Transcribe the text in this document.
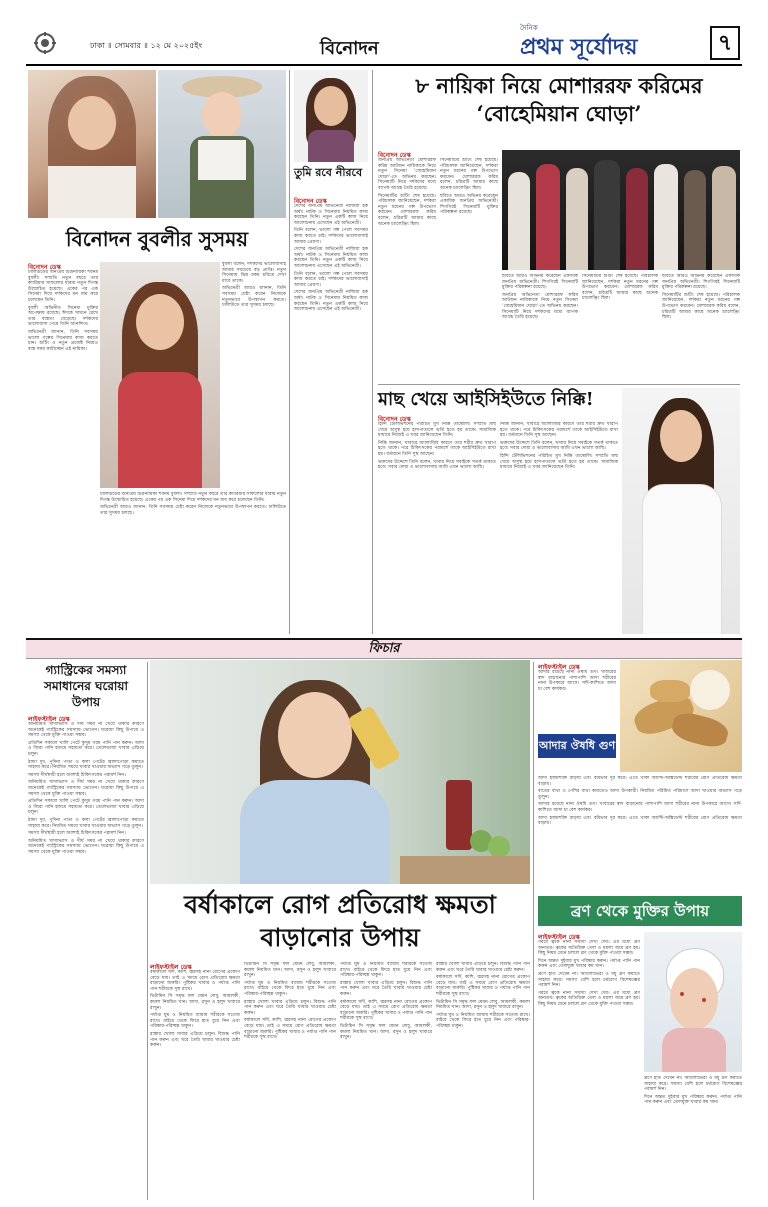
ঢাকা ॥ সোমবার ॥ ১২ মে ২০২৫ইং	বিনোদন
দৈনিক
প্রথম সূর্যোদয়	৭
বিনোদন বুবলীর সুসময়
বিনোদন ডেস্ক

ঢালিউডের জনপ্রিয় চিত্রনায়িকা শবনম বুবলী। সম্প্রতি নতুন বছরে তার ক্যারিয়ার সাফল্যের ধারায় নতুন দিগন্ত উন্মোচিত হয়েছে। একের পর এক সিনেমা দিয়ে দর্শকদের মন জয় করে চলেছেন তিনি।

বুবলী অভিনীত সিনেমা মুক্তির অপেক্ষায় রয়েছে। ঈদকে সামনে রেখে তার ব্যস্ততা বেড়েছে। দর্শকদের ভালোবাসা পেয়ে তিনি আনন্দিত।

অভিনেত্রী জানান, তিনি সবসময় ভালো গল্পের সিনেমায় কাজ করতে চান। শুটিং ও নতুন প্রজেক্ট নিয়েও ব্যস্ত সময় কাটাচ্ছেন এই নায়িকা।

বুবলী বলেন, দর্শকদের ভালোবাসাই আমার সবচেয়ে বড় প্রাপ্তি। নতুন সিনেমায় ভিন্ন রকম চরিত্রে দেখা যাবে তাকে।

অভিনেত্রী আরও জানান, তিনি সবসময় চেষ্টা করেন নিজেকে নতুনভাবে উপস্থাপন করতে। ঢালিউডে তার সুসময় চলছে।

ঢালিউডের জনপ্রিয় চিত্রনায়িকা শবনম বুবলী। সম্প্রতি নতুন বছরে তার ক্যারিয়ার সাফল্যের ধারায় নতুন দিগন্ত উন্মোচিত হয়েছে। একের পর এক সিনেমা দিয়ে দর্শকদের মন জয় করে চলেছেন তিনি।

অভিনেত্রী আরও জানান, তিনি সবসময় চেষ্টা করেন নিজেকে নতুনভাবে উপস্থাপন করতে। ঢালিউডে তার সুসময় চলছে।

তুমি রবে নীরবে
বিনোদন ডেস্ক

দেশের জনপ্রিয় অভিনেত্রী নাজিয়া হক অর্ষা। নাটক ও সিনেমায় নিয়মিত কাজ করছেন তিনি। নতুন একটি কাজ নিয়ে আলোচনায় এসেছেন এই অভিনেত্রী।

তিনি বলেন, ভালো গল্প পেলে সবসময় কাজ করতে চাই। দর্শকদের ভালোবাসাই আমার প্রেরণা।

দেশের জনপ্রিয় অভিনেত্রী নাজিয়া হক অর্ষা। নাটক ও সিনেমায় নিয়মিত কাজ করছেন তিনি। নতুন একটি কাজ নিয়ে আলোচনায় এসেছেন এই অভিনেত্রী।

তিনি বলেন, ভালো গল্প পেলে সবসময় কাজ করতে চাই। দর্শকদের ভালোবাসাই আমার প্রেরণা।

দেশের জনপ্রিয় অভিনেত্রী নাজিয়া হক অর্ষা। নাটক ও সিনেমায় নিয়মিত কাজ করছেন তিনি। নতুন একটি কাজ নিয়ে আলোচনায় এসেছেন এই অভিনেত্রী।

৮ নায়িকা নিয়ে মোশাররফ করিমের ‘বোহেমিয়ান ঘোড়া’
বিনোদন ডেস্ক

জনপ্রিয় অভিনেতা মোশাররফ করিম আটজন নায়িকাকে নিয়ে নতুন সিনেমা ‘বোহেমিয়ান ঘোড়া’-তে অভিনয় করছেন। সিনেমাটি নিয়ে দর্শকদের মধ্যে ব্যাপক আগ্রহ তৈরি হয়েছে।

সিনেমাটির শুটিং শেষ হয়েছে। পরিচালক জানিয়েছেন, দর্শকরা নতুন ধরনের গল্প উপভোগ করবেন। মোশাররফ করিম বলেন, চরিত্রটি আমার কাছে অনেক চ্যালেঞ্জিং ছিল।

সিনেমাটির শুটিং শেষ হয়েছে। পরিচালক জানিয়েছেন, দর্শকরা নতুন ধরনের গল্প উপভোগ করবেন। মোশাররফ করিম বলেন, চরিত্রটি আমার কাছে অনেক চ্যালেঞ্জিং ছিল।

ছবিতে আরও অভিনয় করেছেন একাধিক জনপ্রিয় অভিনেত্রী। শিগগিরই সিনেমাটি মুক্তির পরিকল্পনা রয়েছে।

ছবিতে আরও অভিনয় করেছেন একাধিক জনপ্রিয় অভিনেত্রী। শিগগিরই সিনেমাটি মুক্তির পরিকল্পনা রয়েছে।

জনপ্রিয় অভিনেতা মোশাররফ করিম আটজন নায়িকাকে নিয়ে নতুন সিনেমা ‘বোহেমিয়ান ঘোড়া’-তে অভিনয় করছেন। সিনেমাটি নিয়ে দর্শকদের মধ্যে ব্যাপক আগ্রহ তৈরি হয়েছে।

সিনেমাটির শুটিং শেষ হয়েছে। পরিচালক জানিয়েছেন, দর্শকরা নতুন ধরনের গল্প উপভোগ করবেন। মোশাররফ করিম বলেন, চরিত্রটি আমার কাছে অনেক চ্যালেঞ্জিং ছিল।

ছবিতে আরও অভিনয় করেছেন একাধিক জনপ্রিয় অভিনেত্রী। শিগগিরই সিনেমাটি মুক্তির পরিকল্পনা রয়েছে।

সিনেমাটির শুটিং শেষ হয়েছে। পরিচালক জানিয়েছেন, দর্শকরা নতুন ধরনের গল্প উপভোগ করবেন। মোশাররফ করিম বলেন, চরিত্রটি আমার কাছে অনেক চ্যালেঞ্জিং ছিল।

মাছ খেয়ে আইসিইউতে নিক্কি!
বিনোদন ডেস্ক

হিন্দি টেলিভিশনের পরিচিত মুখ নিক্কি তাম্বোলি। সম্প্রতি মাছ খেয়ে অসুস্থ হয়ে হাসপাতালে ভর্তি হতে হয় তাকে। সামাজিক মাধ্যমে নিজেই এ খবর জানিয়েছেন তিনি।

নিক্কি জানান, খাবারে অ্যালার্জির কারণে তার শরীর দ্রুত খারাপ হতে থাকে। পরে চিকিৎসকের পরামর্শে তাকে আইসিইউতে রাখা হয়। বর্তমানে তিনি সুস্থ আছেন।

ভক্তদের উদ্দেশে তিনি বলেন, খাবার নিয়ে সবাইকে সতর্ক থাকতে হবে। সবার দোয়া ও ভালোবাসায় আমি এখন ভালো আছি।

নিক্কি জানান, খাবারে অ্যালার্জির কারণে তার শরীর দ্রুত খারাপ হতে থাকে। পরে চিকিৎসকের পরামর্শে তাকে আইসিইউতে রাখা হয়। বর্তমানে তিনি সুস্থ আছেন।

ভক্তদের উদ্দেশে তিনি বলেন, খাবার নিয়ে সবাইকে সতর্ক থাকতে হবে। সবার দোয়া ও ভালোবাসায় আমি এখন ভালো আছি।

হিন্দি টেলিভিশনের পরিচিত মুখ নিক্কি তাম্বোলি। সম্প্রতি মাছ খেয়ে অসুস্থ হয়ে হাসপাতালে ভর্তি হতে হয় তাকে। সামাজিক মাধ্যমে নিজেই এ খবর জানিয়েছেন তিনি।

ফিচার
গ্যাস্ট্রিকের সমস্যা সমাধানের ঘরোয়া উপায়
লাইফস্টাইল ডেস্ক

অনিয়মিত খাদ্যাভ্যাস ও দীর্ঘ সময় না খেয়ে থাকার কারণে অনেকেই গ্যাস্ট্রিকের সমস্যায় ভোগেন। ঘরোয়া কিছু উপায়ে এ সমস্যা থেকে মুক্তি পাওয়া সম্ভব।

প্রতিদিন সকালে খালি পেটে কুসুম গরম পানি পান করুন। আদা ও জিরা পানি হজমে সহায়তা করে। তেলেভাজা খাবার এড়িয়ে চলুন।

ঠান্ডা দুধ, পুদিনা পাতা ও কলা পেটের জ্বালাপোড়া কমাতে সাহায্য করে। নিয়মিত সময়ে খাবার খাওয়ার অভ্যাস গড়ে তুলুন।

সমস্যা দীর্ঘস্থায়ী হলে অবশ্যই চিকিৎসকের পরামর্শ নিন।

অনিয়মিত খাদ্যাভ্যাস ও দীর্ঘ সময় না খেয়ে থাকার কারণে অনেকেই গ্যাস্ট্রিকের সমস্যায় ভোগেন। ঘরোয়া কিছু উপায়ে এ সমস্যা থেকে মুক্তি পাওয়া সম্ভব।

প্রতিদিন সকালে খালি পেটে কুসুম গরম পানি পান করুন। আদা ও জিরা পানি হজমে সহায়তা করে। তেলেভাজা খাবার এড়িয়ে চলুন।

ঠান্ডা দুধ, পুদিনা পাতা ও কলা পেটের জ্বালাপোড়া কমাতে সাহায্য করে। নিয়মিত সময়ে খাবার খাওয়ার অভ্যাস গড়ে তুলুন।

সমস্যা দীর্ঘস্থায়ী হলে অবশ্যই চিকিৎসকের পরামর্শ নিন।

অনিয়মিত খাদ্যাভ্যাস ও দীর্ঘ সময় না খেয়ে থাকার কারণে অনেকেই গ্যাস্ট্রিকের সমস্যায় ভোগেন। ঘরোয়া কিছু উপায়ে এ সমস্যা থেকে মুক্তি পাওয়া সম্ভব।

বর্ষাকালে রোগ প্রতিরোধ ক্ষমতা বাড়ানোর উপায়
লাইফস্টাইল ডেস্ক

বর্ষাকালে সর্দি, কাশি, জ্বরসহ নানা রোগের প্রকোপ বেড়ে যায়। তাই এ সময়ে রোগ প্রতিরোধ ক্ষমতা বাড়ানো জরুরি। পুষ্টিকর খাবার ও পর্যাপ্ত পানি পান শরীরকে সুস্থ রাখে।

ভিটামিন সি সমৃদ্ধ ফল যেমন লেবু, আমলকী, কমলা নিয়মিত খান। আদা, রসুন ও হলুদ খাবারে রাখুন।

পর্যাপ্ত ঘুম ও নিয়মিত ব্যায়াম শরীরকে সতেজ রাখে। বাইরে থেকে ফিরে হাত ধুয়ে নিন এবং পরিষ্কার-পরিচ্ছন্ন থাকুন।

রাস্তার খোলা খাবার এড়িয়ে চলুন। বিশুদ্ধ পানি পান করুন এবং ঘরে তৈরি খাবার খাওয়ার চেষ্টা করুন।

ভিটামিন সি সমৃদ্ধ ফল যেমন লেবু, আমলকী, কমলা নিয়মিত খান। আদা, রসুন ও হলুদ খাবারে রাখুন।

পর্যাপ্ত ঘুম ও নিয়মিত ব্যায়াম শরীরকে সতেজ রাখে। বাইরে থেকে ফিরে হাত ধুয়ে নিন এবং পরিষ্কার-পরিচ্ছন্ন থাকুন।

রাস্তার খোলা খাবার এড়িয়ে চলুন। বিশুদ্ধ পানি পান করুন এবং ঘরে তৈরি খাবার খাওয়ার চেষ্টা করুন।

বর্ষাকালে সর্দি, কাশি, জ্বরসহ নানা রোগের প্রকোপ বেড়ে যায়। তাই এ সময়ে রোগ প্রতিরোধ ক্ষমতা বাড়ানো জরুরি। পুষ্টিকর খাবার ও পর্যাপ্ত পানি পান শরীরকে সুস্থ রাখে।

পর্যাপ্ত ঘুম ও নিয়মিত ব্যায়াম শরীরকে সতেজ রাখে। বাইরে থেকে ফিরে হাত ধুয়ে নিন এবং পরিষ্কার-পরিচ্ছন্ন থাকুন।

রাস্তার খোলা খাবার এড়িয়ে চলুন। বিশুদ্ধ পানি পান করুন এবং ঘরে তৈরি খাবার খাওয়ার চেষ্টা করুন।

বর্ষাকালে সর্দি, কাশি, জ্বরসহ নানা রোগের প্রকোপ বেড়ে যায়। তাই এ সময়ে রোগ প্রতিরোধ ক্ষমতা বাড়ানো জরুরি। পুষ্টিকর খাবার ও পর্যাপ্ত পানি পান শরীরকে সুস্থ রাখে।

ভিটামিন সি সমৃদ্ধ ফল যেমন লেবু, আমলকী, কমলা নিয়মিত খান। আদা, রসুন ও হলুদ খাবারে রাখুন।

রাস্তার খোলা খাবার এড়িয়ে চলুন। বিশুদ্ধ পানি পান করুন এবং ঘরে তৈরি খাবার খাওয়ার চেষ্টা করুন।

বর্ষাকালে সর্দি, কাশি, জ্বরসহ নানা রোগের প্রকোপ বেড়ে যায়। তাই এ সময়ে রোগ প্রতিরোধ ক্ষমতা বাড়ানো জরুরি। পুষ্টিকর খাবার ও পর্যাপ্ত পানি পান শরীরকে সুস্থ রাখে।

ভিটামিন সি সমৃদ্ধ ফল যেমন লেবু, আমলকী, কমলা নিয়মিত খান। আদা, রসুন ও হলুদ খাবারে রাখুন।

পর্যাপ্ত ঘুম ও নিয়মিত ব্যায়াম শরীরকে সতেজ রাখে। বাইরে থেকে ফিরে হাত ধুয়ে নিন এবং পরিষ্কার-পরিচ্ছন্ন থাকুন।

লাইফস্টাইল ডেস্ক

আদার রয়েছে নানা ঔষধি গুণ। খাবারের স্বাদ বাড়ানোর পাশাপাশি আদা শরীরের নানা উপকারে আসে। সর্দি-কাশিতে আদা চা বেশ কার্যকর।

আদার ঔষধি গুণ

আদা হজমশক্তি বাড়ায় এবং বমিভাব দূর করে। এতে থাকা অ্যান্টি-অক্সিডেন্ট শরীরের রোগ প্রতিরোধ ক্ষমতা বাড়ায়।

বাতের ব্যথা ও পেশির ব্যথা কমাতেও আদা উপকারী। নিয়মিত পরিমিত পরিমাণে আদা খাওয়ার অভ্যাস গড়ে তুলুন।

আদার রয়েছে নানা ঔষধি গুণ। খাবারের স্বাদ বাড়ানোর পাশাপাশি আদা শরীরের নানা উপকারে আসে। সর্দি-কাশিতে আদা চা বেশ কার্যকর।

আদা হজমশক্তি বাড়ায় এবং বমিভাব দূর করে। এতে থাকা অ্যান্টি-অক্সিডেন্ট শরীরের রোগ প্রতিরোধ ক্ষমতা বাড়ায়।

ব্রণ থেকে মুক্তির উপায়
লাইফস্টাইল ডেস্ক

গরমে ত্বকে নানা সমস্যা দেখা দেয়। এর মধ্যে ব্রণ অন্যতম। ত্বকের অতিরিক্ত তেল ও ময়লা জমে ব্রণ হয়। কিছু নিয়ম মেনে চললে ব্রণ থেকে মুক্তি পাওয়া সম্ভব।

দিনে অন্তত দুইবার মুখ পরিষ্কার করুন। পর্যাপ্ত পানি পান করুন এবং তেলযুক্ত খাবার কম খান।

ব্রণে হাত দেবেন না। অ্যালোভেরা ও মধু ব্রণ কমাতে সাহায্য করে। সমস্যা বেশি হলে চর্মরোগ বিশেষজ্ঞের পরামর্শ নিন।

গরমে ত্বকে নানা সমস্যা দেখা দেয়। এর মধ্যে ব্রণ অন্যতম। ত্বকের অতিরিক্ত তেল ও ময়লা জমে ব্রণ হয়। কিছু নিয়ম মেনে চললে ব্রণ থেকে মুক্তি পাওয়া সম্ভব।

ব্রণে হাত দেবেন না। অ্যালোভেরা ও মধু ব্রণ কমাতে সাহায্য করে। সমস্যা বেশি হলে চর্মরোগ বিশেষজ্ঞের পরামর্শ নিন।

দিনে অন্তত দুইবার মুখ পরিষ্কার করুন। পর্যাপ্ত পানি পান করুন এবং তেলযুক্ত খাবার কম খান।
